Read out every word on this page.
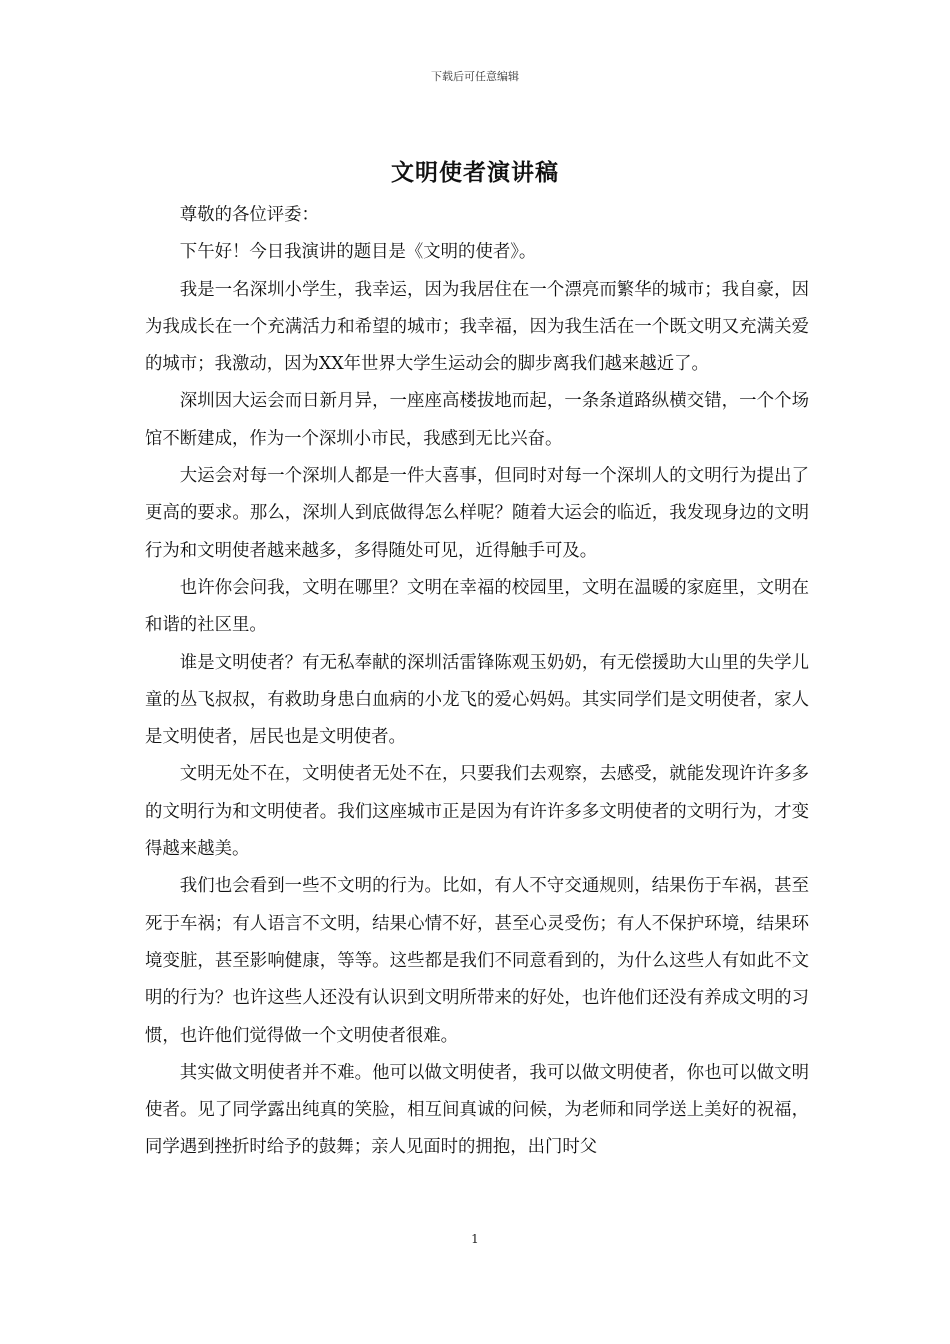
下载后可任意编辑
文明使者演讲稿

尊敬的各位评委：

下午好！今日我演讲的题目是《文明的使者》。

我是一名深圳小学生，我幸运，因为我居住在一个漂亮而繁华的城市；我自豪，因为我成长在一个充满活力和希望的城市；我幸福，因为我生活在一个既文明又充满关爱的城市；我激动，因为XX年世界大学生运动会的脚步离我们越来越近了。

深圳因大运会而日新月异，一座座高楼拔地而起，一条条道路纵横交错，一个个场馆不断建成，作为一个深圳小市民，我感到无比兴奋。

大运会对每一个深圳人都是一件大喜事，但同时对每一个深圳人的文明行为提出了更高的要求。那么，深圳人到底做得怎么样呢？随着大运会的临近，我发现身边的文明行为和文明使者越来越多，多得随处可见，近得触手可及。

也许你会问我，文明在哪里？文明在幸福的校园里，文明在温暖的家庭里，文明在和谐的社区里。

谁是文明使者？有无私奉献的深圳活雷锋陈观玉奶奶，有无偿援助大山里的失学儿童的丛飞叔叔，有救助身患白血病的小龙飞的爱心妈妈。其实同学们是文明使者，家人是文明使者，居民也是文明使者。

文明无处不在，文明使者无处不在，只要我们去观察，去感受，就能发现许许多多的文明行为和文明使者。我们这座城市正是因为有许许多多文明使者的文明行为，才变得越来越美。

我们也会看到一些不文明的行为。比如，有人不守交通规则，结果伤于车祸，甚至死于车祸；有人语言不文明，结果心情不好，甚至心灵受伤；有人不保护环境，结果环境变脏，甚至影响健康，等等。这些都是我们不同意看到的，为什么这些人有如此不文明的行为？也许这些人还没有认识到文明所带来的好处，也许他们还没有养成文明的习惯，也许他们觉得做一个文明使者很难。

其实做文明使者并不难。他可以做文明使者，我可以做文明使者，你也可以做文明使者。见了同学露出纯真的笑脸，相互间真诚的问候，为老师和同学送上美好的祝福，同学遇到挫折时给予的鼓舞；亲人见面时的拥抱，出门时父

1
